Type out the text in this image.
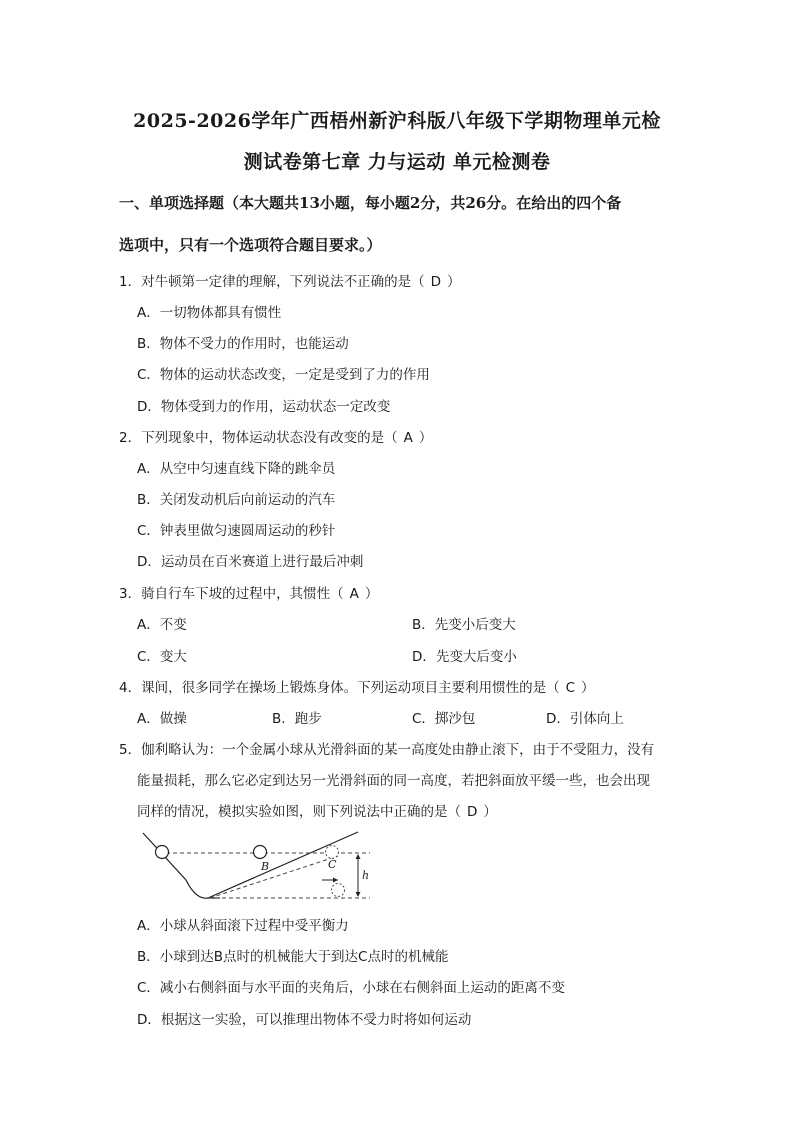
2025-2026学年广西梧州新沪科版八年级下学期物理单元检
测试卷第七章 力与运动 单元检测卷
一、单项选择题（本大题共13小题，每小题2分，共26分。在给出的四个备
选项中，只有一个选项符合题目要求。）
1．对牛顿第一定律的理解，下列说法不正确的是（ D ）
A．一切物体都具有惯性
B．物体不受力的作用时，也能运动
C．物体的运动状态改变，一定是受到了力的作用
D．物体受到力的作用，运动状态一定改变
2．下列现象中，物体运动状态没有改变的是（ A ）
A．从空中匀速直线下降的跳伞员
B．关闭发动机后向前运动的汽车
C．钟表里做匀速圆周运动的秒针
D．运动员在百米赛道上进行最后冲刺
3．骑自行车下坡的过程中，其惯性（ A ）
A．不变	B．先变小后变大
C．变大	D．先变大后变小
4．课间，很多同学在操场上锻炼身体。下列运动项目主要利用惯性的是（ C ）
A．做操	B．跑步	C．掷沙包	D．引体向上
5．伽利略认为：一个金属小球从光滑斜面的某一高度处由静止滚下，由于不受阻力，没有
能量损耗，那么它必定到达另一光滑斜面的同一高度，若把斜面放平缓一些，也会出现
同样的情况，模拟实验如图，则下列说法中正确的是（ D ）
B	C
h
A．小球从斜面滚下过程中受平衡力
B．小球到达B点时的机械能大于到达C点时的机械能
C．减小右侧斜面与水平面的夹角后，小球在右侧斜面上运动的距离不变
D．根据这一实验，可以推理出物体不受力时将如何运动
